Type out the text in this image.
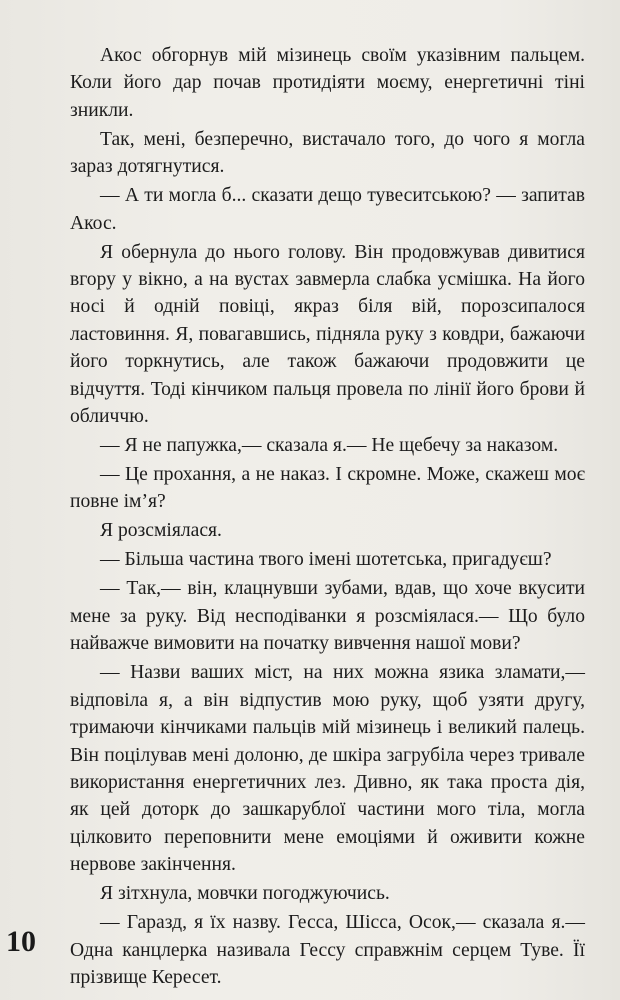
Акос обгорнув мій мізинець своїм указівним пальцем. Коли його дар почав протидіяти моєму, енергетичні тіні зникли.

Так, мені, безперечно, вистачало того, до чого я могла зараз дотягнутися.

— А ти могла б... сказати дещо тувеситською? — запитав Акос.

Я обернула до нього голову. Він продовжував дивитися вгору у вікно, а на вустах завмерла слабка усмішка. На його носі й одній повіці, якраз біля вій, порозсипалося ластовиння. Я, повагавшись, підняла руку з ковдри, бажаючи його торкнутись, але також бажаючи продовжити це відчуття. Тоді кінчиком пальця провела по лінії його брови й обличчю.

— Я не папужка,— сказала я.— Не щебечу за наказом.

— Це прохання, а не наказ. І скромне. Може, скажеш моє повне ім’я?

Я розсміялася.

— Більша частина твого імені шотетська, пригадуєш?

— Так,— він, клацнувши зубами, вдав, що хоче вкусити мене за руку. Від несподіванки я розсміялася.— Що було найважче вимовити на початку вивчення нашої мови?

— Назви ваших міст, на них можна язика зламати,— відповіла я, а він відпустив мою руку, щоб узяти другу, тримаючи кінчиками пальців мій мізинець і великий палець. Він поцілував мені долоню, де шкіра загрубіла через тривале використання енергетичних лез. Дивно, як така проста дія, як цей доторк до зашкарублої частини мого тіла, могла цілковито переповнити мене емоціями й оживити кожне нервове закінчення.

Я зітхнула, мовчки погоджуючись.

— Гаразд, я їх назву. Гесса, Шісса, Осок,— сказала я.— Одна канцлерка називала Гессу справжнім серцем Туве. Її прізвище Кересет.

10
